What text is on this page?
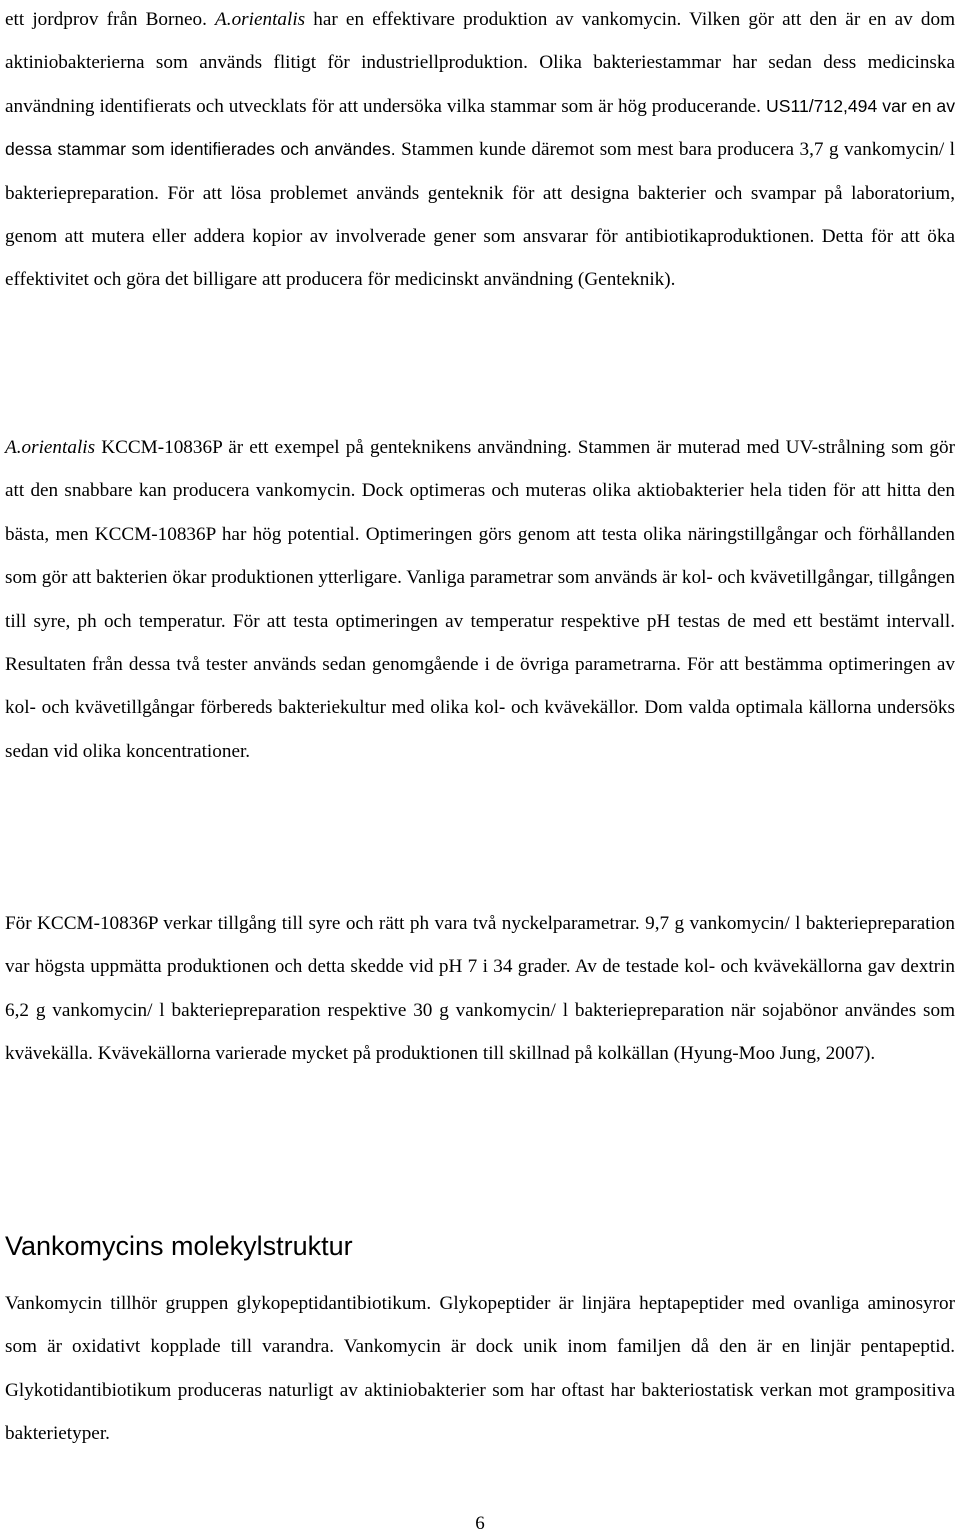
ett jordprov från Borneo. A.orientalis har en effektivare produktion av vankomycin. Vilken gör att den är en av dom aktiniobakterierna som används flitigt för industriellproduktion. Olika bakteriestammar har sedan dess medicinska användning identifierats och utvecklats för att undersöka vilka stammar som är hög producerande. US11/712,494 var en av dessa stammar som identifierades och användes. Stammen kunde däremot som mest bara producera 3,7 g vankomycin/ l bakteriepreparation. För att lösa problemet används genteknik för att designa bakterier och svampar på laboratorium, genom att mutera eller addera kopior av involverade gener som ansvarar för antibiotikaproduktionen. Detta för att öka effektivitet och göra det billigare att producera för medicinskt användning (Genteknik).

A.orientalis KCCM-10836P är ett exempel på genteknikens användning. Stammen är muterad med UV-strålning som gör att den snabbare kan producera vankomycin. Dock optimeras och muteras olika aktiobakterier hela tiden för att hitta den bästa, men KCCM-10836P har hög potential. Optimeringen görs genom att testa olika näringstillgångar och förhållanden som gör att bakterien ökar produktionen ytterligare. Vanliga parametrar som används är kol- och kvävetillgångar, tillgången till syre, ph och temperatur. För att testa optimeringen av temperatur respektive pH testas de med ett bestämt intervall. Resultaten från dessa två tester används sedan genomgående i de övriga parametrarna. För att bestämma optimeringen av kol- och kvävetillgångar förbereds bakteriekultur med olika kol- och kvävekällor. Dom valda optimala källorna undersöks sedan vid olika koncentrationer.

För KCCM-10836P verkar tillgång till syre och rätt ph vara två nyckelparametrar. 9,7 g vankomycin/ l bakteriepreparation var högsta uppmätta produktionen och detta skedde vid pH 7 i 34 grader. Av de testade kol- och kvävekällorna gav dextrin 6,2 g vankomycin/ l bakteriepreparation respektive 30 g vankomycin/ l bakteriepreparation när sojabönor användes som kvävekälla. Kvävekällorna varierade mycket på produktionen till skillnad på kolkällan (Hyung-Moo Jung, 2007).

Vankomycins molekylstruktur

Vankomycin tillhör gruppen glykopeptidantibiotikum. Glykopeptider är linjära heptapeptider med ovanliga aminosyror som är oxidativt kopplade till varandra. Vankomycin är dock unik inom familjen då den är en linjär pentapeptid. Glykotidantibiotikum produceras naturligt av aktiniobakterier som har oftast har bakteriostatisk verkan mot grampositiva bakterietyper.

6
